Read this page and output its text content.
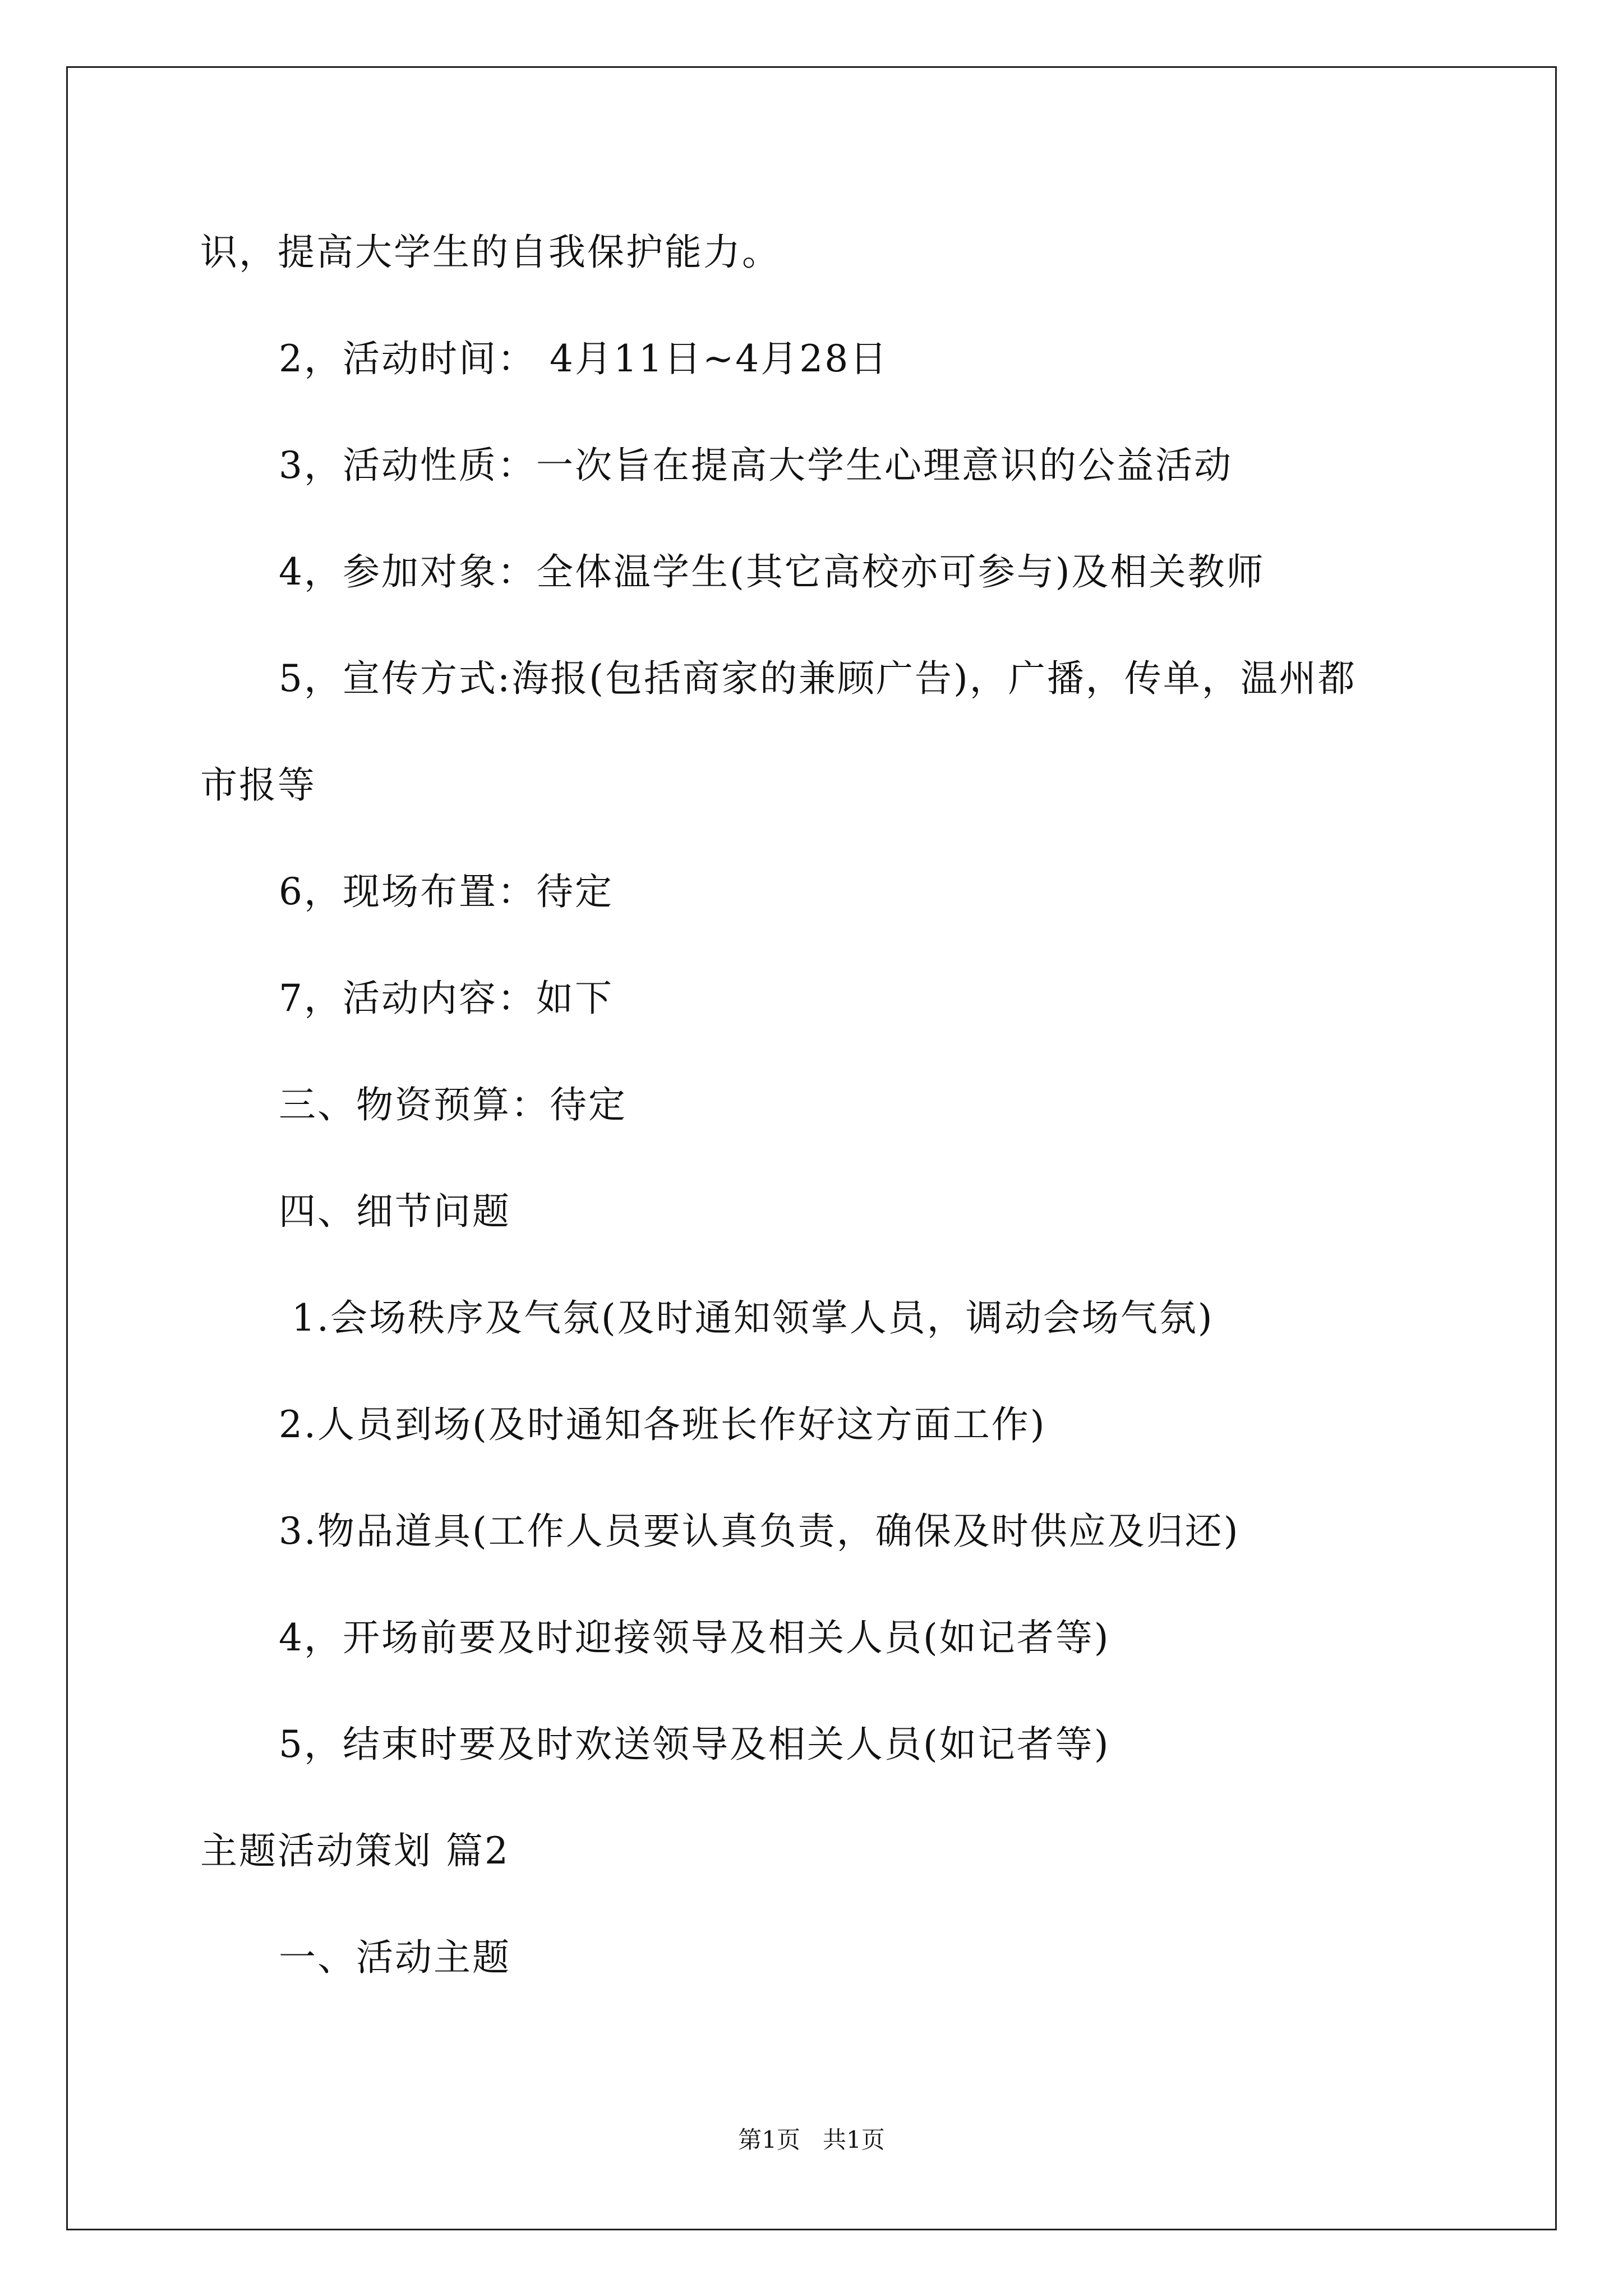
识，提高大学生的自我保护能力。
2，活动时间： 4月11日~4月28日
3，活动性质：一次旨在提高大学生心理意识的公益活动
4，参加对象：全体温学生(其它高校亦可参与)及相关教师
5，宣传方式:海报(包括商家的兼顾广告)，广播，传单，温州都
市报等
6，现场布置：待定
7，活动内容：如下
三、物资预算：待定
四、细节问题
1.会场秩序及气氛(及时通知领掌人员，调动会场气氛)
2.人员到场(及时通知各班长作好这方面工作)
3.物品道具(工作人员要认真负责，确保及时供应及归还)
4，开场前要及时迎接领导及相关人员(如记者等)
5，结束时要及时欢送领导及相关人员(如记者等)
主题活动策划 篇2
一、活动主题
第1页   共1页
